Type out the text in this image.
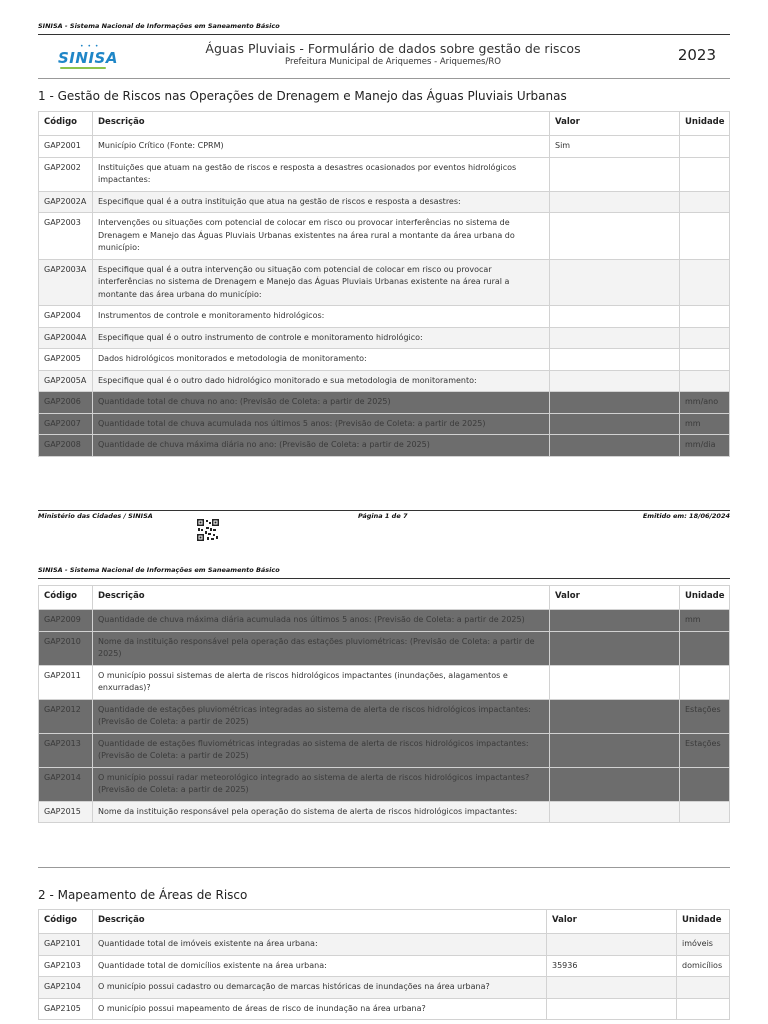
SINISA - Sistema Nacional de Informações em Saneamento Básico
• • •
SINISA
Águas Pluviais - Formulário de dados sobre gestão de riscos
Prefeitura Municipal de Ariquemes - Ariquemes/RO	2023
1 - Gestão de Riscos nas Operações de Drenagem e Manejo das Águas Pluviais Urbanas
Código	Descrição	Valor	Unidade
GAP2001	Município Crítico (Fonte: CPRM)	Sim	
GAP2002	Instituições que atuam na gestão de riscos e resposta a desastres ocasionados por eventos hidrológicos impactantes:		
GAP2002A	Especifique qual é a outra instituição que atua na gestão de riscos e resposta a desastres:		
GAP2003	Intervenções ou situações com potencial de colocar em risco ou provocar interferências no sistema de Drenagem e Manejo das Águas Pluviais Urbanas existentes na área rural a montante da área urbana do município:		
GAP2003A	Especifique qual é a outra intervenção ou situação com potencial de colocar em risco ou provocar interferências no sistema de Drenagem e Manejo das Águas Pluviais Urbanas existente na área rural a montante das área urbana do município:		
GAP2004	Instrumentos de controle e monitoramento hidrológicos:		
GAP2004A	Especifique qual é o outro instrumento de controle e monitoramento hidrológico:		
GAP2005	Dados hidrológicos monitorados e metodologia de monitoramento:		
GAP2005A	Especifique qual é o outro dado hidrológico monitorado e sua metodologia de monitoramento:		
GAP2006	Quantidade total de chuva no ano: (Previsão de Coleta: a partir de 2025)		mm/ano
GAP2007	Quantidade total de chuva acumulada nos últimos 5 anos: (Previsão de Coleta: a partir de 2025)		mm
GAP2008	Quantidade de chuva máxima diária no ano: (Previsão de Coleta: a partir de 2025)		mm/dia
Ministério das Cidades / SINISA	Página 1 de 7	Emitido em: 18/06/2024
SINISA - Sistema Nacional de Informações em Saneamento Básico
Código	Descrição	Valor	Unidade
GAP2009	Quantidade de chuva máxima diária acumulada nos últimos 5 anos: (Previsão de Coleta: a partir de 2025)		mm
GAP2010	Nome da instituição responsável pela operação das estações pluviométricas: (Previsão de Coleta: a partir de 2025)		
GAP2011	O município possui sistemas de alerta de riscos hidrológicos impactantes (inundações, alagamentos e enxurradas)?		
GAP2012	Quantidade de estações pluviométricas integradas ao sistema de alerta de riscos hidrológicos impactantes: (Previsão de Coleta: a partir de 2025)		Estações
GAP2013	Quantidade de estações fluviométricas integradas ao sistema de alerta de riscos hidrológicos impactantes: (Previsão de Coleta: a partir de 2025)		Estações
GAP2014	O município possui radar meteorológico integrado ao sistema de alerta de riscos hidrológicos impactantes? (Previsão de Coleta: a partir de 2025)		
GAP2015	Nome da instituição responsável pela operação do sistema de alerta de riscos hidrológicos impactantes:		
2 - Mapeamento de Áreas de Risco
Código	Descrição	Valor	Unidade
GAP2101	Quantidade total de imóveis existente na área urbana:		imóveis
GAP2103	Quantidade total de domicílios existente na área urbana:	35936	domicílios
GAP2104	O município possui cadastro ou demarcação de marcas históricas de inundações na área urbana?		
GAP2105	O município possui mapeamento de áreas de risco de inundação na área urbana?		
